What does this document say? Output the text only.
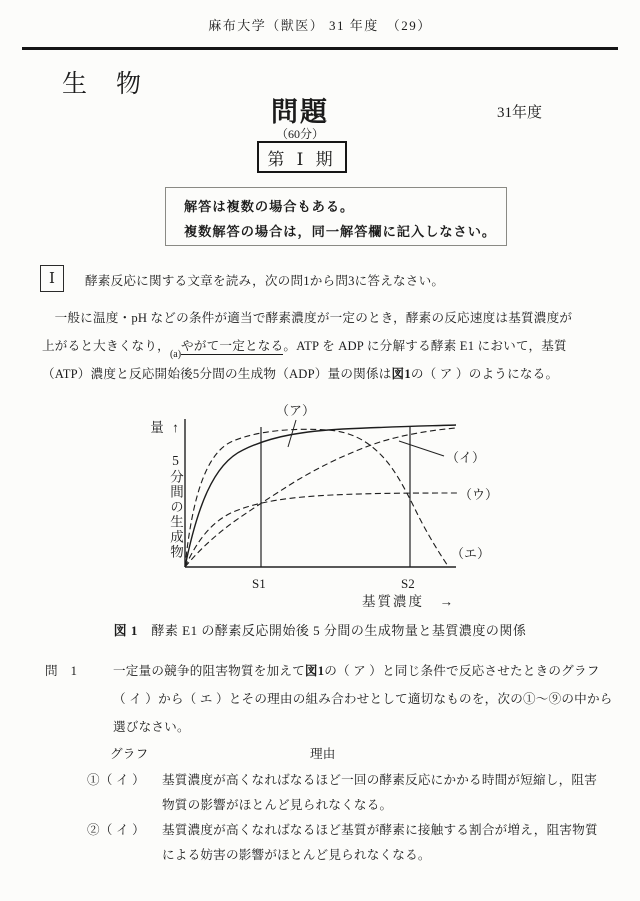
麻布大学（獣医） 31 年度　（29）
生　物
問題
（60分）
31年度
第 Ⅰ 期
解答は複数の場合もある。
複数解答の場合は，同一解答欄に記入しなさい。
Ⅰ 酵素反応に関する文章を読み，次の問1から問3に答えなさい。
一般に温度・pH などの条件が適当で酵素濃度が一定のとき，酵素の反応速度は基質濃度が
上がると大きくなり，$_{(a)}$やがて一定となる。ATP を ADP に分解する酵素 E1 において，基質
（ATP）濃度と反応開始後5分間の生成物（ADP）量の関係は図1の（ ア ）のようになる。
↑ 5分間の生成物量
（ア）
（イ）
（ウ）
（エ）
S1	S2
基質濃度　→
図 1　酵素 E1 の酵素反応開始後 5 分間の生成物量と基質濃度の関係
問　1	一定量の競争的阻害物質を加えて図1の（ ア ）と同じ条件で反応させたときのグラフ
（ イ ）から（ エ ）とその理由の組み合わせとして適切なものを，次の①～⑨の中から
選びなさい。
グラフ	理由
①（ イ ） 基質濃度が高くなればなるほど一回の酵素反応にかかる時間が短縮し，阻害
物質の影響がほとんど見られなくなる。
②（ イ ） 基質濃度が高くなればなるほど基質が酵素に接触する割合が増え，阻害物質
による妨害の影響がほとんど見られなくなる。
